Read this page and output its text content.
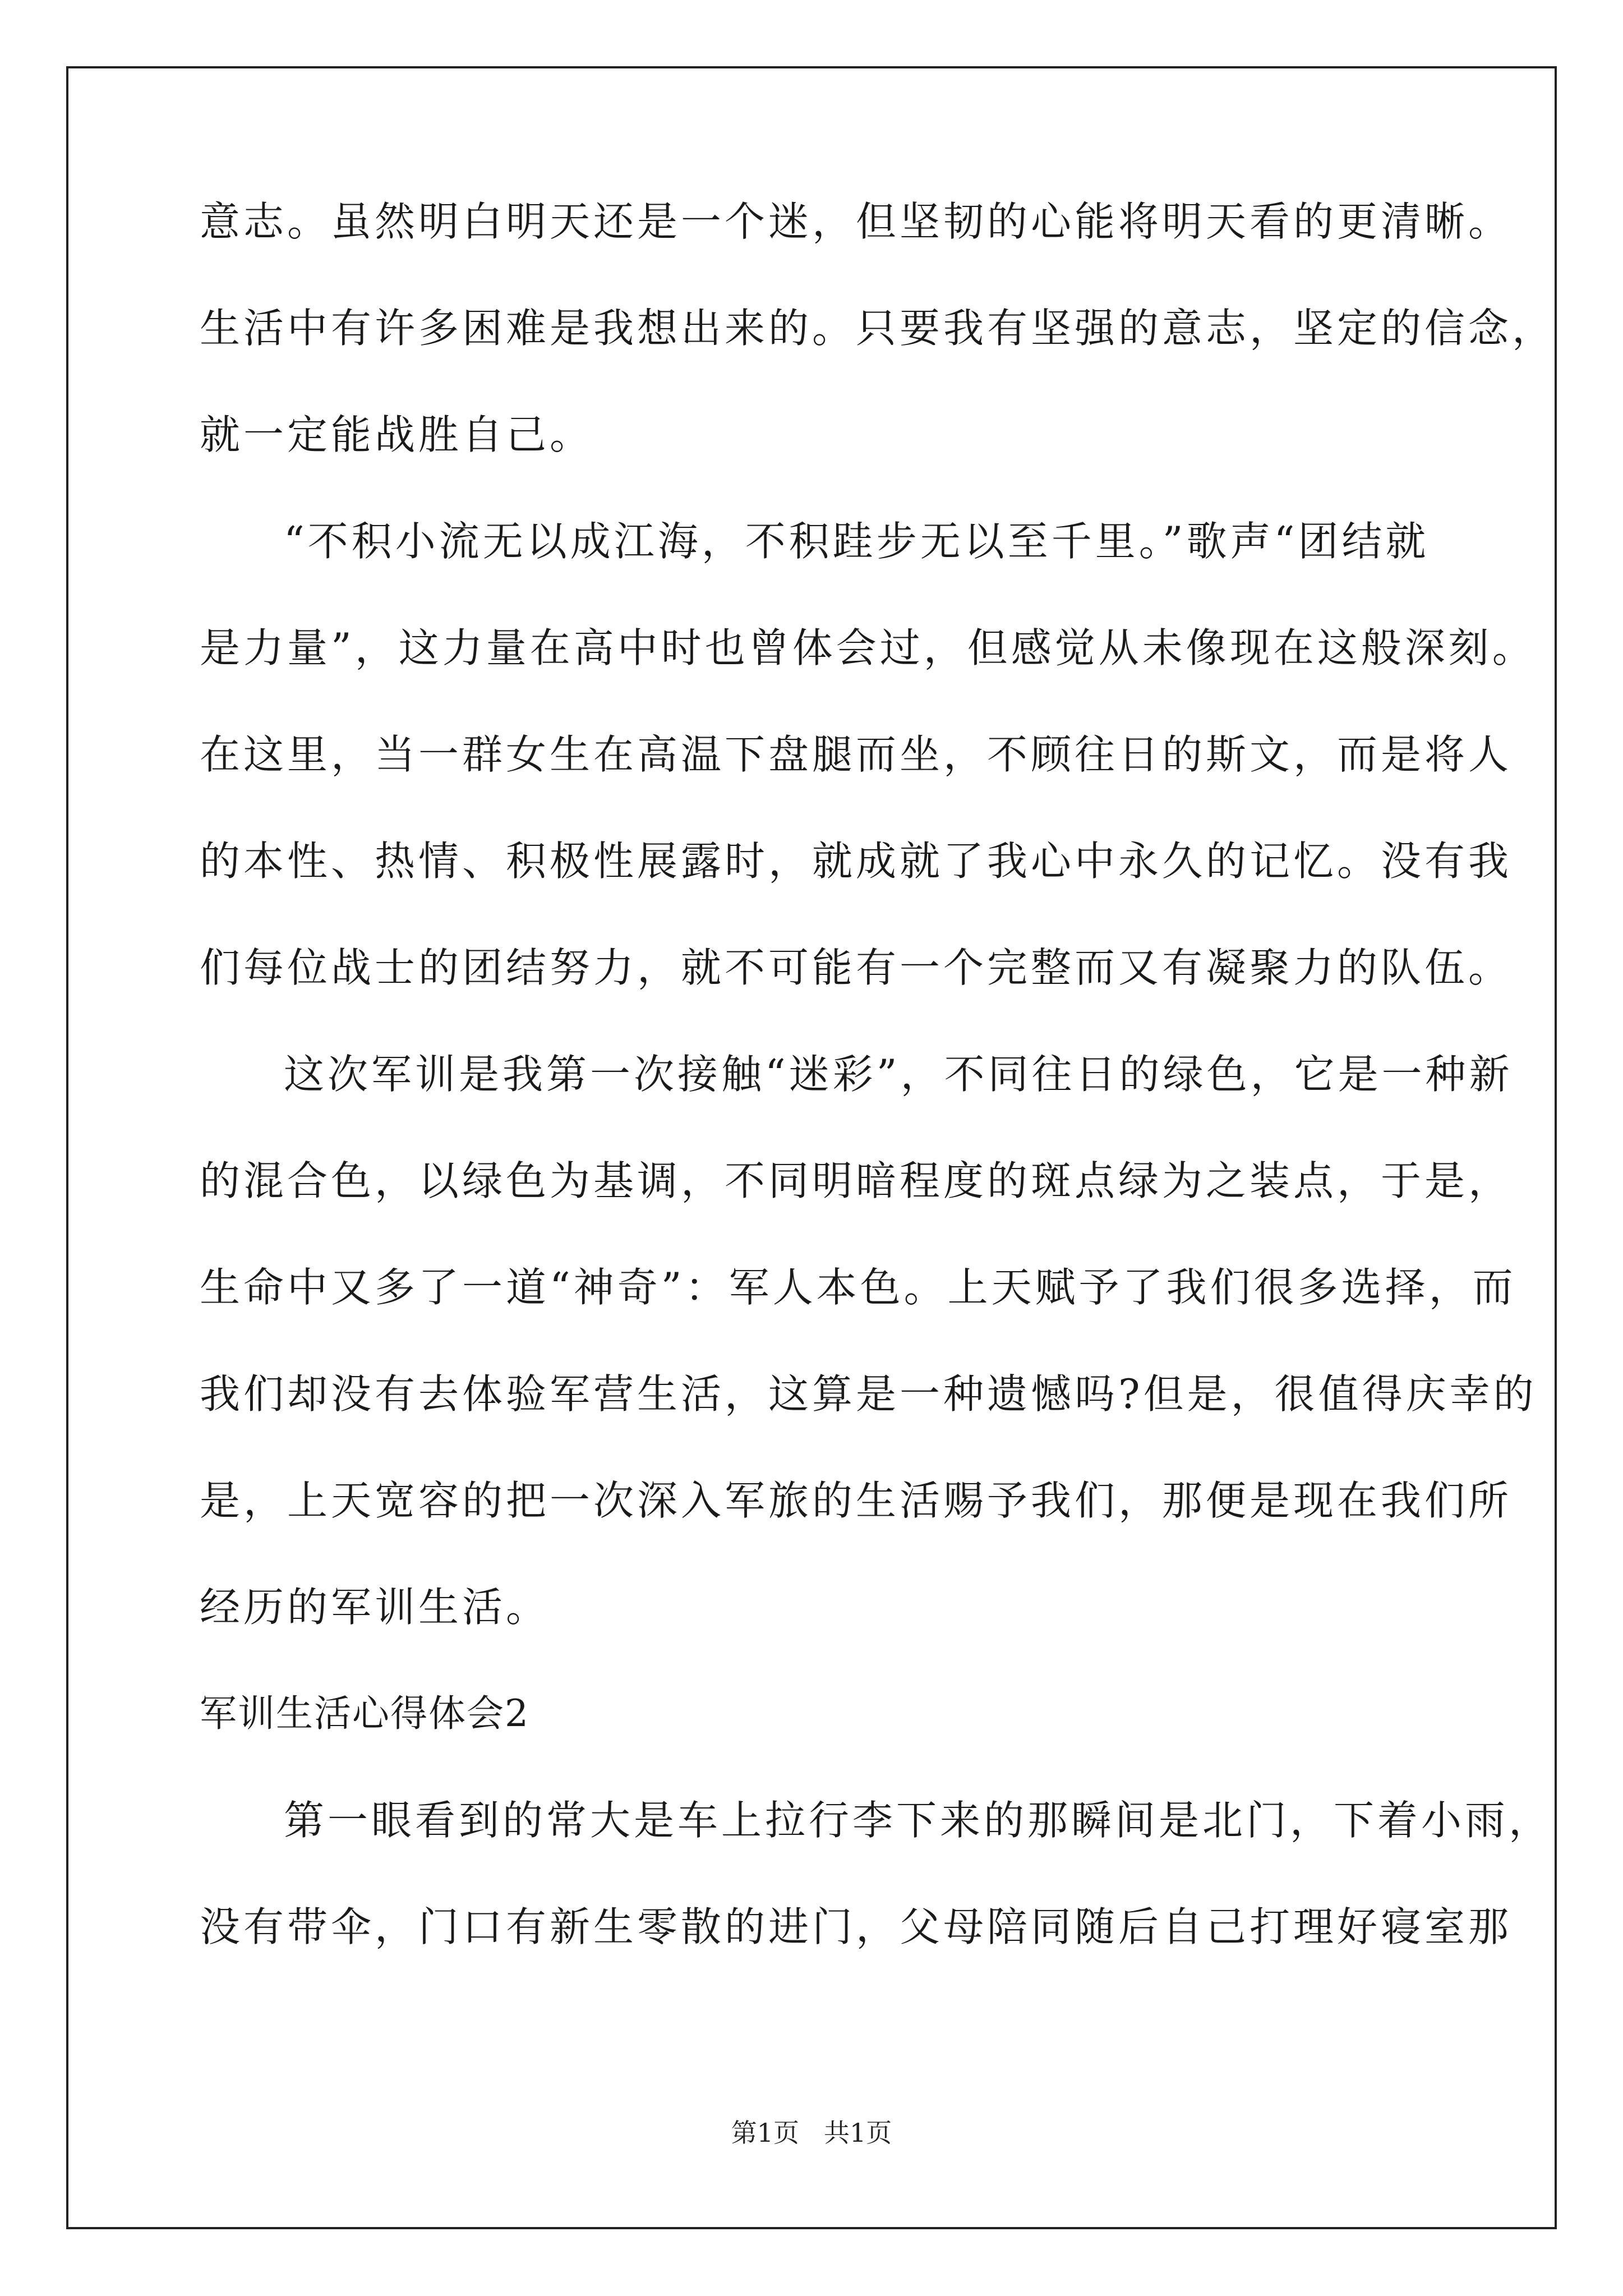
意志。虽然明白明天还是一个迷，但坚韧的心能将明天看的更清晰。
生活中有许多困难是我想出来的。只要我有坚强的意志，坚定的信念，
就一定能战胜自己。
“不积小流无以成江海，不积跬步无以至千里。”歌声“团结就
是力量”，这力量在高中时也曾体会过，但感觉从未像现在这般深刻。
在这里，当一群女生在高温下盘腿而坐，不顾往日的斯文，而是将人
的本性、热情、积极性展露时，就成就了我心中永久的记忆。没有我
们每位战士的团结努力，就不可能有一个完整而又有凝聚力的队伍。
这次军训是我第一次接触“迷彩”，不同往日的绿色，它是一种新
的混合色，以绿色为基调，不同明暗程度的斑点绿为之装点，于是，
生命中又多了一道“神奇”：军人本色。上天赋予了我们很多选择，而
我们却没有去体验军营生活，这算是一种遗憾吗?但是，很值得庆幸的
是，上天宽容的把一次深入军旅的生活赐予我们，那便是现在我们所
经历的军训生活。
军训生活心得体会2
第一眼看到的常大是车上拉行李下来的那瞬间是北门，下着小雨，
没有带伞，门口有新生零散的进门，父母陪同随后自己打理好寝室那
第1页 共1页
